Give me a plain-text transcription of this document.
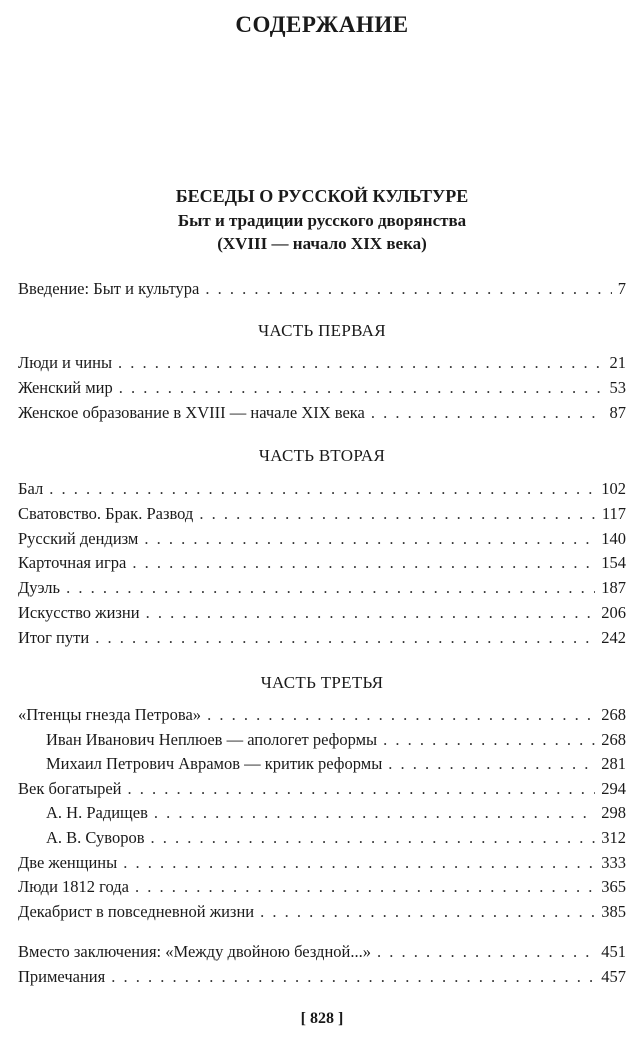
СОДЕРЖАНИЕ
БЕСЕДЫ О РУССКОЙ КУЛЬТУРЕ
Быт и традиции русского дворянства
(XVIII — начало XIX века)
Введение: Быт и культура . . .	7
ЧАСТЬ ПЕРВАЯ
Люди и чины . . .	21
Женский мир . . .	53
Женское образование в XVIII — начале XIX века . . .	87
ЧАСТЬ ВТОРАЯ
Бал . . .	102
Сватовство. Брак. Развод . . .	117
Русский дендизм . . .	140
Карточная игра . . .	154
Дуэль . . .	187
Искусство жизни . . .	206
Итог пути . . .	242
ЧАСТЬ ТРЕТЬЯ
«Птенцы гнезда Петрова» . . .	268
Иван Иванович Неплюев — апологет реформы . . .	268
Михаил Петрович Аврамов — критик реформы . . .	281
Век богатырей . . .	294
А. Н. Радищев . . .	298
А. В. Суворов . . .	312
Две женщины . . .	333
Люди 1812 года . . .	365
Декабрист в повседневной жизни . . .	385
Вместо заключения: «Между двойною бездной...» . . .	451
Примечания . . .	457
[ 828 ]
